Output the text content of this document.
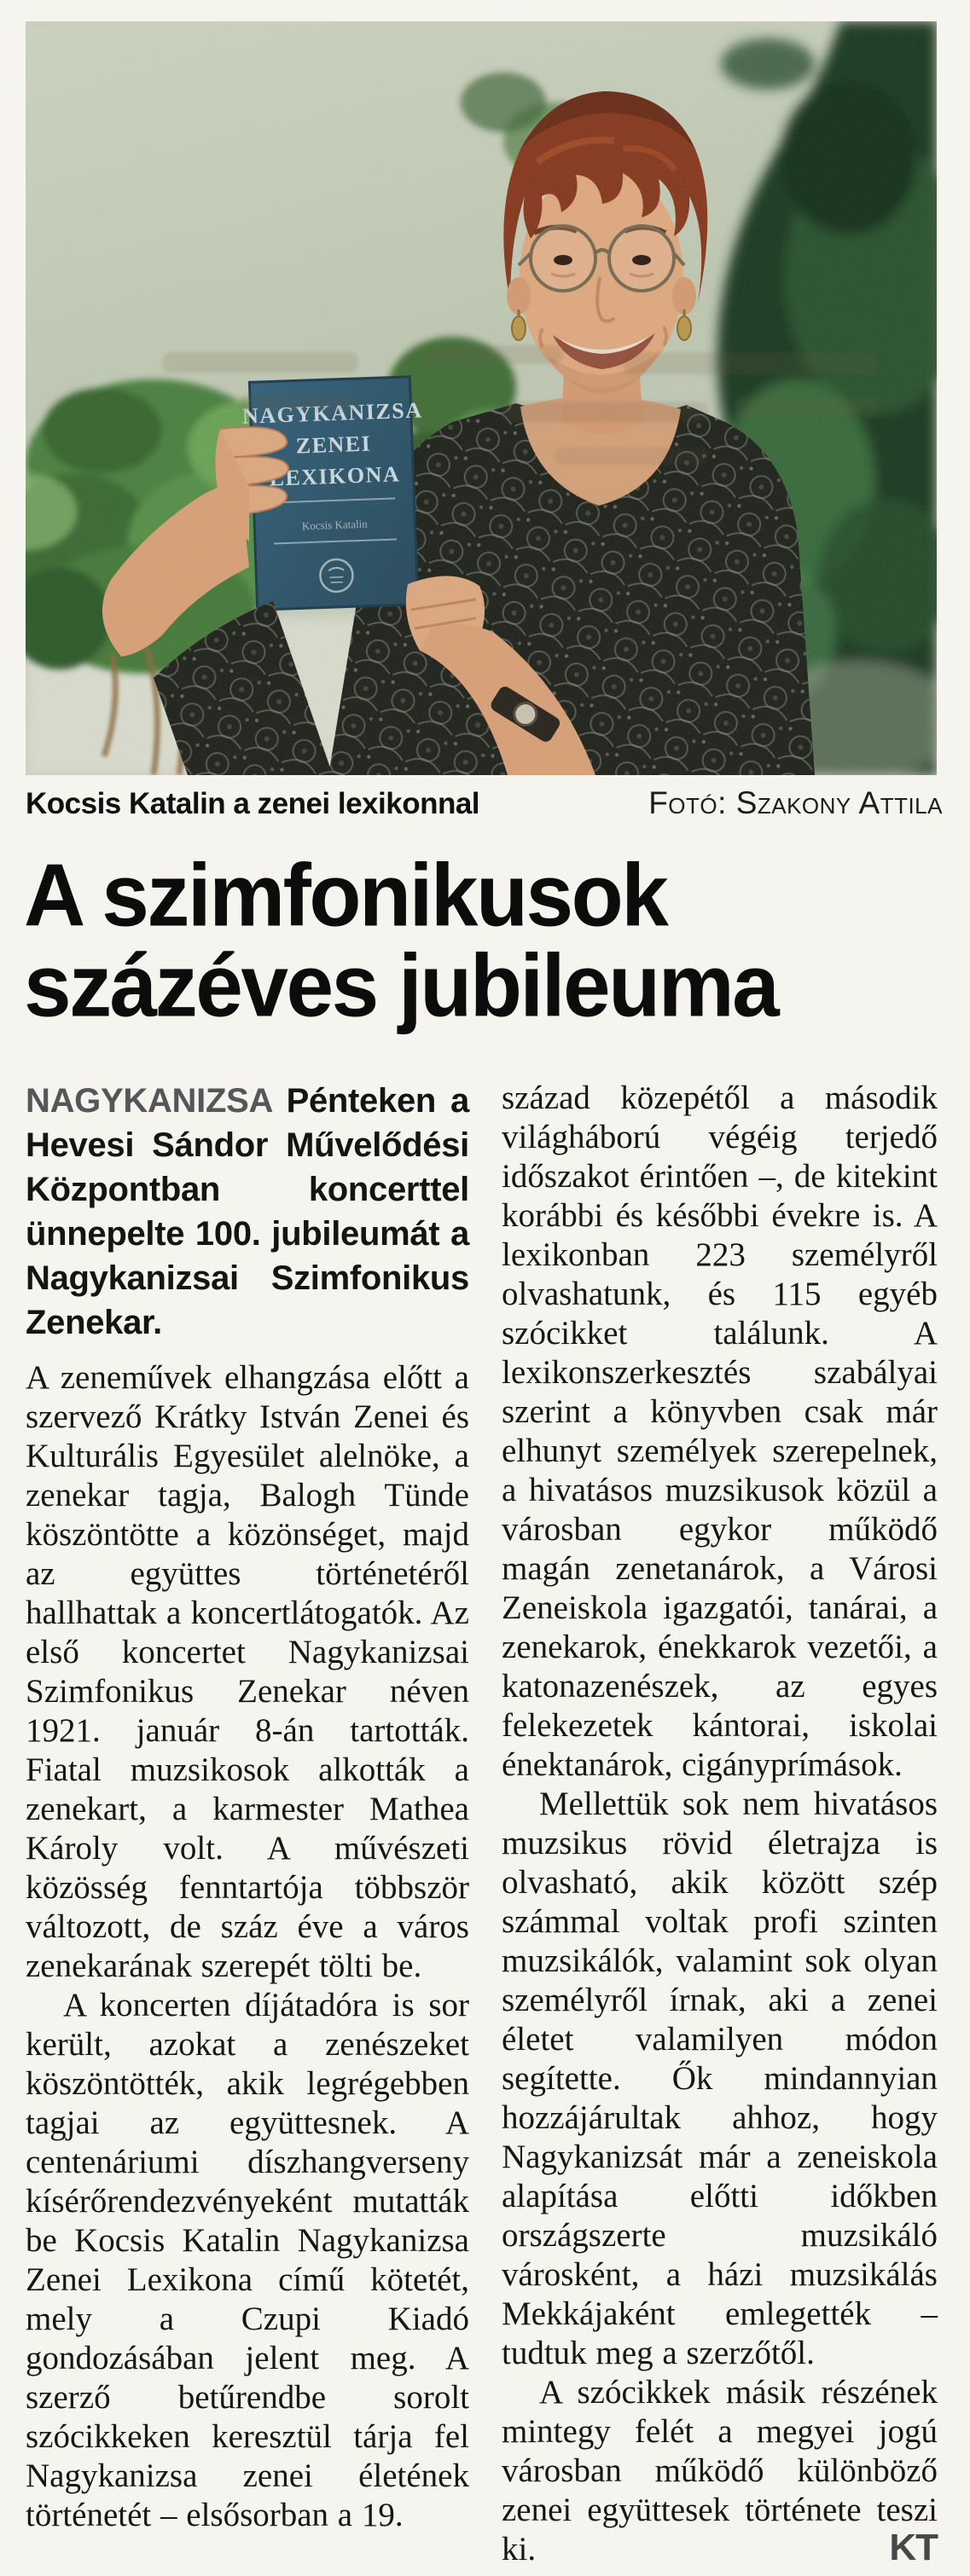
Kocsis Katalin a zenei lexikonnal	Fotó: Szakony Attila
A szimfonikusok
százéves jubileuma

NAGYKANIZSA Pénteken a Hevesi Sándor Művelődési Központban koncerttel ünnepelte 100. jubileumát a Nagykanizsai Szimfonikus Zenekar.

A zeneművek elhangzása előtt a szervező Krátky István Zenei és Kulturális Egyesület alelnöke, a zenekar tagja, Balogh Tünde köszöntötte a közönséget, majd az együttes történetéről hallhattak a koncertlátogatók. Az első koncertet Nagykanizsai Szimfonikus Zenekar néven 1921. január 8-án tartották. Fiatal muzsikosok alkották a zenekart, a karmester Mathea Károly volt. A művészeti közösség fenntartója többször változott, de száz éve a város zenekarának szerepét tölti be.

A koncerten díjátadóra is sor került, azokat a zenészeket köszöntötték, akik legrégebben tagjai az együttesnek. A centenáriumi díszhangverseny kísérőrendezvényeként mutatták be Kocsis Katalin Nagykanizsa Zenei Lexikona című kötetét, mely a Czupi Kiadó gondozásában jelent meg. A szerző betűrendbe sorolt szócikkeken keresztül tárja fel Nagykanizsa zenei életének történetét – elsősorban a 19.

század közepétől a második világháború végéig terjedő időszakot érintően –, de kitekint korábbi és későbbi évekre is. A lexikonban 223 személyről olvashatunk, és 115 egyéb szócikket találunk. A lexikonszerkesztés szabályai szerint a könyvben csak már elhunyt személyek szerepelnek, a hivatásos muzsikusok közül a városban egykor működő magán zenetanárok, a Városi Zeneiskola igazgatói, tanárai, a zenekarok, énekkarok vezetői, a katonazenészek, az egyes felekezetek kántorai, iskolai énektanárok, cigányprímások.

Mellettük sok nem hivatásos muzsikus rövid életrajza is olvasható, akik között szép számmal voltak profi szinten muzsikálók, valamint sok olyan személyről írnak, aki a zenei életet valamilyen módon segítette. Ők mindannyian hozzájárultak ahhoz, hogy Nagykanizsát már a zeneiskola alapítása előtti időkben országszerte muzsikáló városként, a házi muzsikálás Mekkájaként emlegették – tudtuk meg a szerzőtől.

A szócikkek másik részének mintegy felét a megyei jogú városban működő különböző zenei együttesek története teszi ki.	KT
